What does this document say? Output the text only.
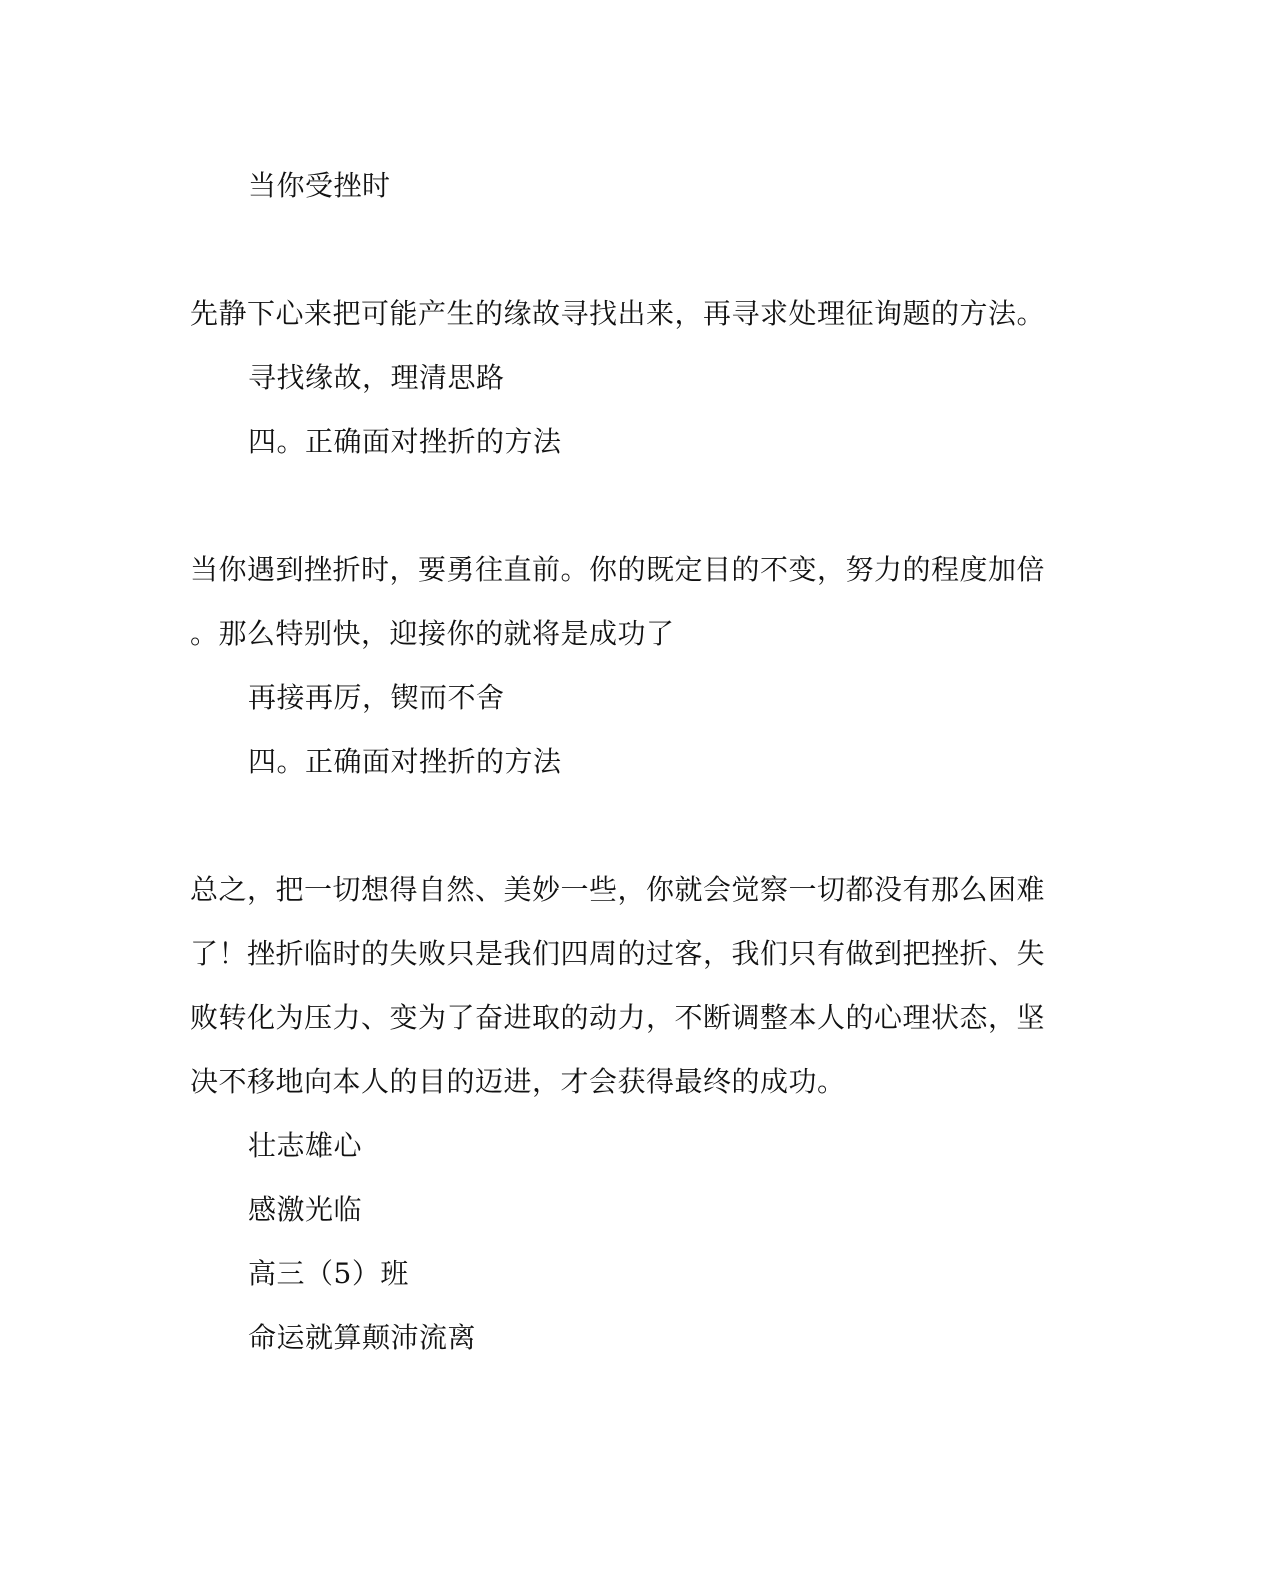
当你受挫时
先静下心来把可能产生的缘故寻找出来，再寻求处理征询题的方法。
寻找缘故，理清思路
四。正确面对挫折的方法
当你遇到挫折时，要勇往直前。你的既定目的不变，努力的程度加倍
。那么特别快，迎接你的就将是成功了
再接再厉，锲而不舍
四。正确面对挫折的方法
总之，把一切想得自然、美妙一些，你就会觉察一切都没有那么困难
了！挫折临时的失败只是我们四周的过客，我们只有做到把挫折、失
败转化为压力、变为了奋进取的动力，不断调整本人的心理状态，坚
决不移地向本人的目的迈进，才会获得最终的成功。
壮志雄心
感激光临
高三（5）班
命运就算颠沛流离
